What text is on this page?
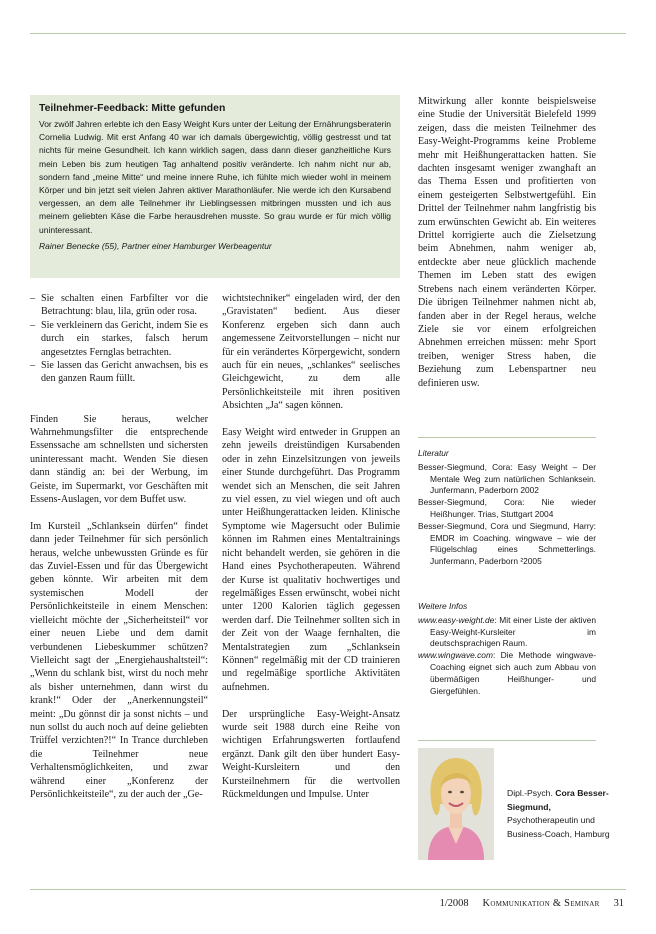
Teilnehmer-Feedback: Mitte gefunden

Vor zwölf Jahren erlebte ich den Easy Weight Kurs unter der Leitung der Ernährungsberaterin Cornelia Ludwig. Mit erst Anfang 40 war ich damals übergewichtig, völlig gestresst und tat nichts für meine Gesundheit. Ich kann wirklich sagen, dass dann dieser ganzheitliche Kurs mein Leben bis zum heutigen Tag anhaltend positiv veränderte. Ich nahm nicht nur ab, sondern fand „meine Mitte“ und meine innere Ruhe, ich fühlte mich wieder wohl in meinem Körper und bin jetzt seit vielen Jahren aktiver Marathonläufer. Nie werde ich den Kursabend vergessen, an dem alle Teilnehmer ihr Lieblingsessen mitbringen mussten und ich aus meinem geliebten Käse die Farbe herausdrehen musste. So grau wurde er für mich völlig uninteressant.

Rainer Benecke (55), Partner einer Hamburger Werbeagentur

– Sie schalten einen Farbfilter vor die Betrachtung: blau, lila, grün oder rosa.
– Sie verkleinern das Gericht, indem Sie es durch ein starkes, falsch herum angesetztes Fernglas betrachten.
– Sie lassen das Gericht anwachsen, bis es den ganzen Raum füllt.

Finden Sie heraus, welcher Wahrnehmungsfilter die entsprechende Essenssache am schnellsten und sichersten uninteressant macht. Wenden Sie diesen dann ständig an: bei der Werbung, im Geiste, im Supermarkt, vor Geschäften mit Essens-Auslagen, vor dem Buffet usw.

Im Kursteil „Schlanksein dürfen“ findet dann jeder Teilnehmer für sich persönlich heraus, welche unbewussten Gründe es für das Zuviel-Essen und für das Übergewicht geben könnte. Wir arbeiten mit dem systemischen Modell der Persönlichkeitsteile in einem Menschen: vielleicht möchte der „Sicherheitsteil“ vor einer neuen Liebe und dem damit verbundenen Liebeskummer schützen? Vielleicht sagt der „Energiehaushaltsteil“: „Wenn du schlank bist, wirst du noch mehr als bisher unternehmen, dann wirst du krank!“ Oder der „Anerkennungsteil“ meint: „Du gönnst dir ja sonst nichts – und nun sollst du auch noch auf deine geliebten Trüffel verzichten?!“ In Trance durchleben die Teilnehmer neue Verhaltensmöglichkeiten, und zwar während einer „Konferenz der Persönlichkeitsteile“, zu der auch der „Ge-

wichtstechniker“ eingeladen wird, der den „Gravistaten“ bedient. Aus dieser Konferenz ergeben sich dann auch angemessene Zeitvorstellungen – nicht nur für ein verändertes Körpergewicht, sondern auch für ein neues, „schlankes“ seelisches Gleichgewicht, zu dem alle Persönlichkeitsteile mit ihren positiven Absichten „Ja“ sagen können.

Easy Weight wird entweder in Gruppen an zehn jeweils dreistündigen Kursabenden oder in zehn Einzelsitzungen von jeweils einer Stunde durchgeführt. Das Programm wendet sich an Menschen, die seit Jahren zu viel essen, zu viel wiegen und oft auch unter Heißhungerattacken leiden. Klinische Symptome wie Magersucht oder Bulimie können im Rahmen eines Mentaltrainings nicht behandelt werden, sie gehören in die Hand eines Psychotherapeuten. Während der Kurse ist qualitativ hochwertiges und regelmäßiges Essen erwünscht, wobei nicht unter 1200 Kalorien täglich gegessen werden darf. Die Teilnehmer sollten sich in der Zeit von der Waage fernhalten, die Mentalstrategien zum „Schlanksein Können“ regelmäßig mit der CD trainieren und regelmäßige sportliche Aktivitäten aufnehmen.

Der ursprüngliche Easy-Weight-Ansatz wurde seit 1988 durch eine Reihe von wichtigen Erfahrungswerten fortlaufend ergänzt. Dank gilt den über hundert Easy-Weight-Kursleitern und den Kursteilnehmern für die wertvollen Rückmeldungen und Impulse. Unter

Mitwirkung aller konnte beispielsweise eine Studie der Universität Bielefeld 1999 zeigen, dass die meisten Teilnehmer des Easy-Weight-Programms keine Probleme mehr mit Heißhungerattacken hatten. Sie dachten insgesamt weniger zwanghaft an das Thema Essen und profitierten von einem gesteigerten Selbstwertgefühl. Ein Drittel der Teilnehmer nahm langfristig bis zum erwünschten Gewicht ab. Ein weiteres Drittel korrigierte auch die Zielsetzung beim Abnehmen, nahm weniger ab, entdeckte aber neue glücklich machende Themen im Leben statt des ewigen Strebens nach einem veränderten Körper. Die übrigen Teilnehmer nahmen nicht ab, fanden aber in der Regel heraus, welche Ziele sie vor einem erfolgreichen Abnehmen erreichen müssen: mehr Sport treiben, weniger Stress haben, die Beziehung zum Lebenspartner neu definieren usw.

Literatur
Besser-Siegmund, Cora: Easy Weight – Der Mentale Weg zum natürlichen Schlanksein. Junfermann, Paderborn 2002
Besser-Siegmund, Cora: Nie wieder Heißhunger. Trias, Stuttgart 2004
Besser-Siegmund, Cora und Siegmund, Harry: EMDR im Coaching. wingwave – wie der Flügelschlag eines Schmetterlings. Junfermann, Paderborn ²2005
Weitere Infos
www.easy-weight.de: Mit einer Liste der aktiven Easy-Weight-Kursleiter im deutschsprachigen Raum.
www.wingwave.com: Die Methode wingwave-Coaching eignet sich auch zum Abbau von übermäßigen Heißhunger- und Giergefühlen.
Dipl.-Psych. Cora Besser-Siegmund,
Psychotherapeutin und Business-Coach, Hamburg
1/2008 Kommunikation & Seminar 31
